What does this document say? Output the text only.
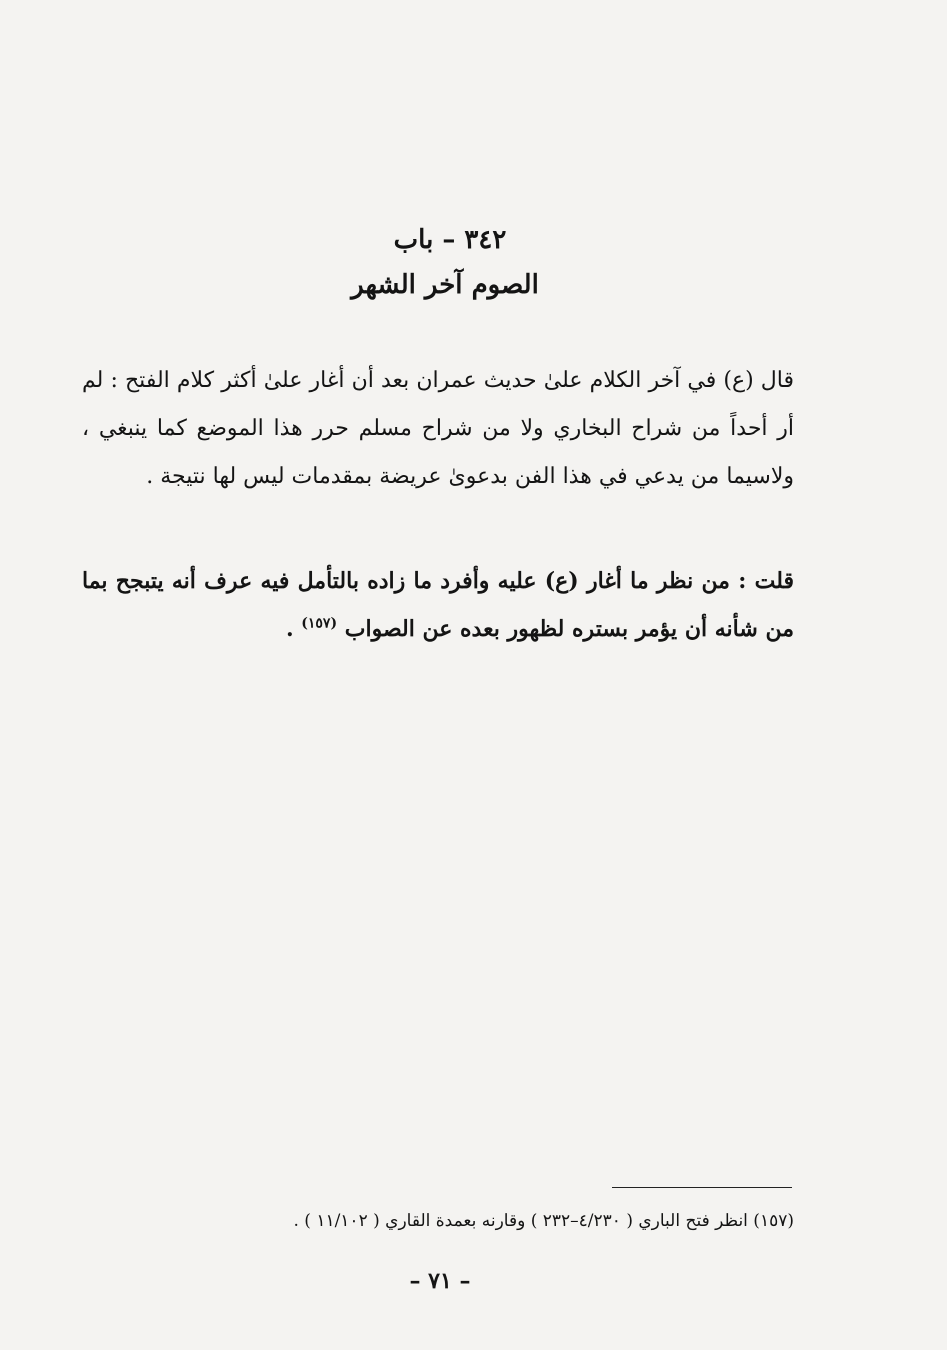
٣٤٢ – باب
الصوم آخر الشهر
قال (ع) في آخر الكلام علىٰ حديث عمران بعد أن أغار علىٰ أكثر كلام الفتح : لم أر أحداً من شراح البخاري ولا من شراح مسلم حرر هذا الموضع كما ينبغي ، ولاسيما من يدعي في هذا الفن بدعوىٰ عريضة بمقدمات ليس لها نتيجة .
قلت : من نظر ما أغار (ع) عليه وأفرد ما زاده بالتأمل فيه عرف أنه يتبجح بما من شأنه أن يؤمر بستره لظهور بعده عن الصواب $^{(١٥٧)}$ .
(١٥٧) انظر فتح الباري ( ٤/٢٣٠–٢٣٢ ) وقارنه بعمدة القاري ( ١١/١٠٢ ) .
– ٧١ –
